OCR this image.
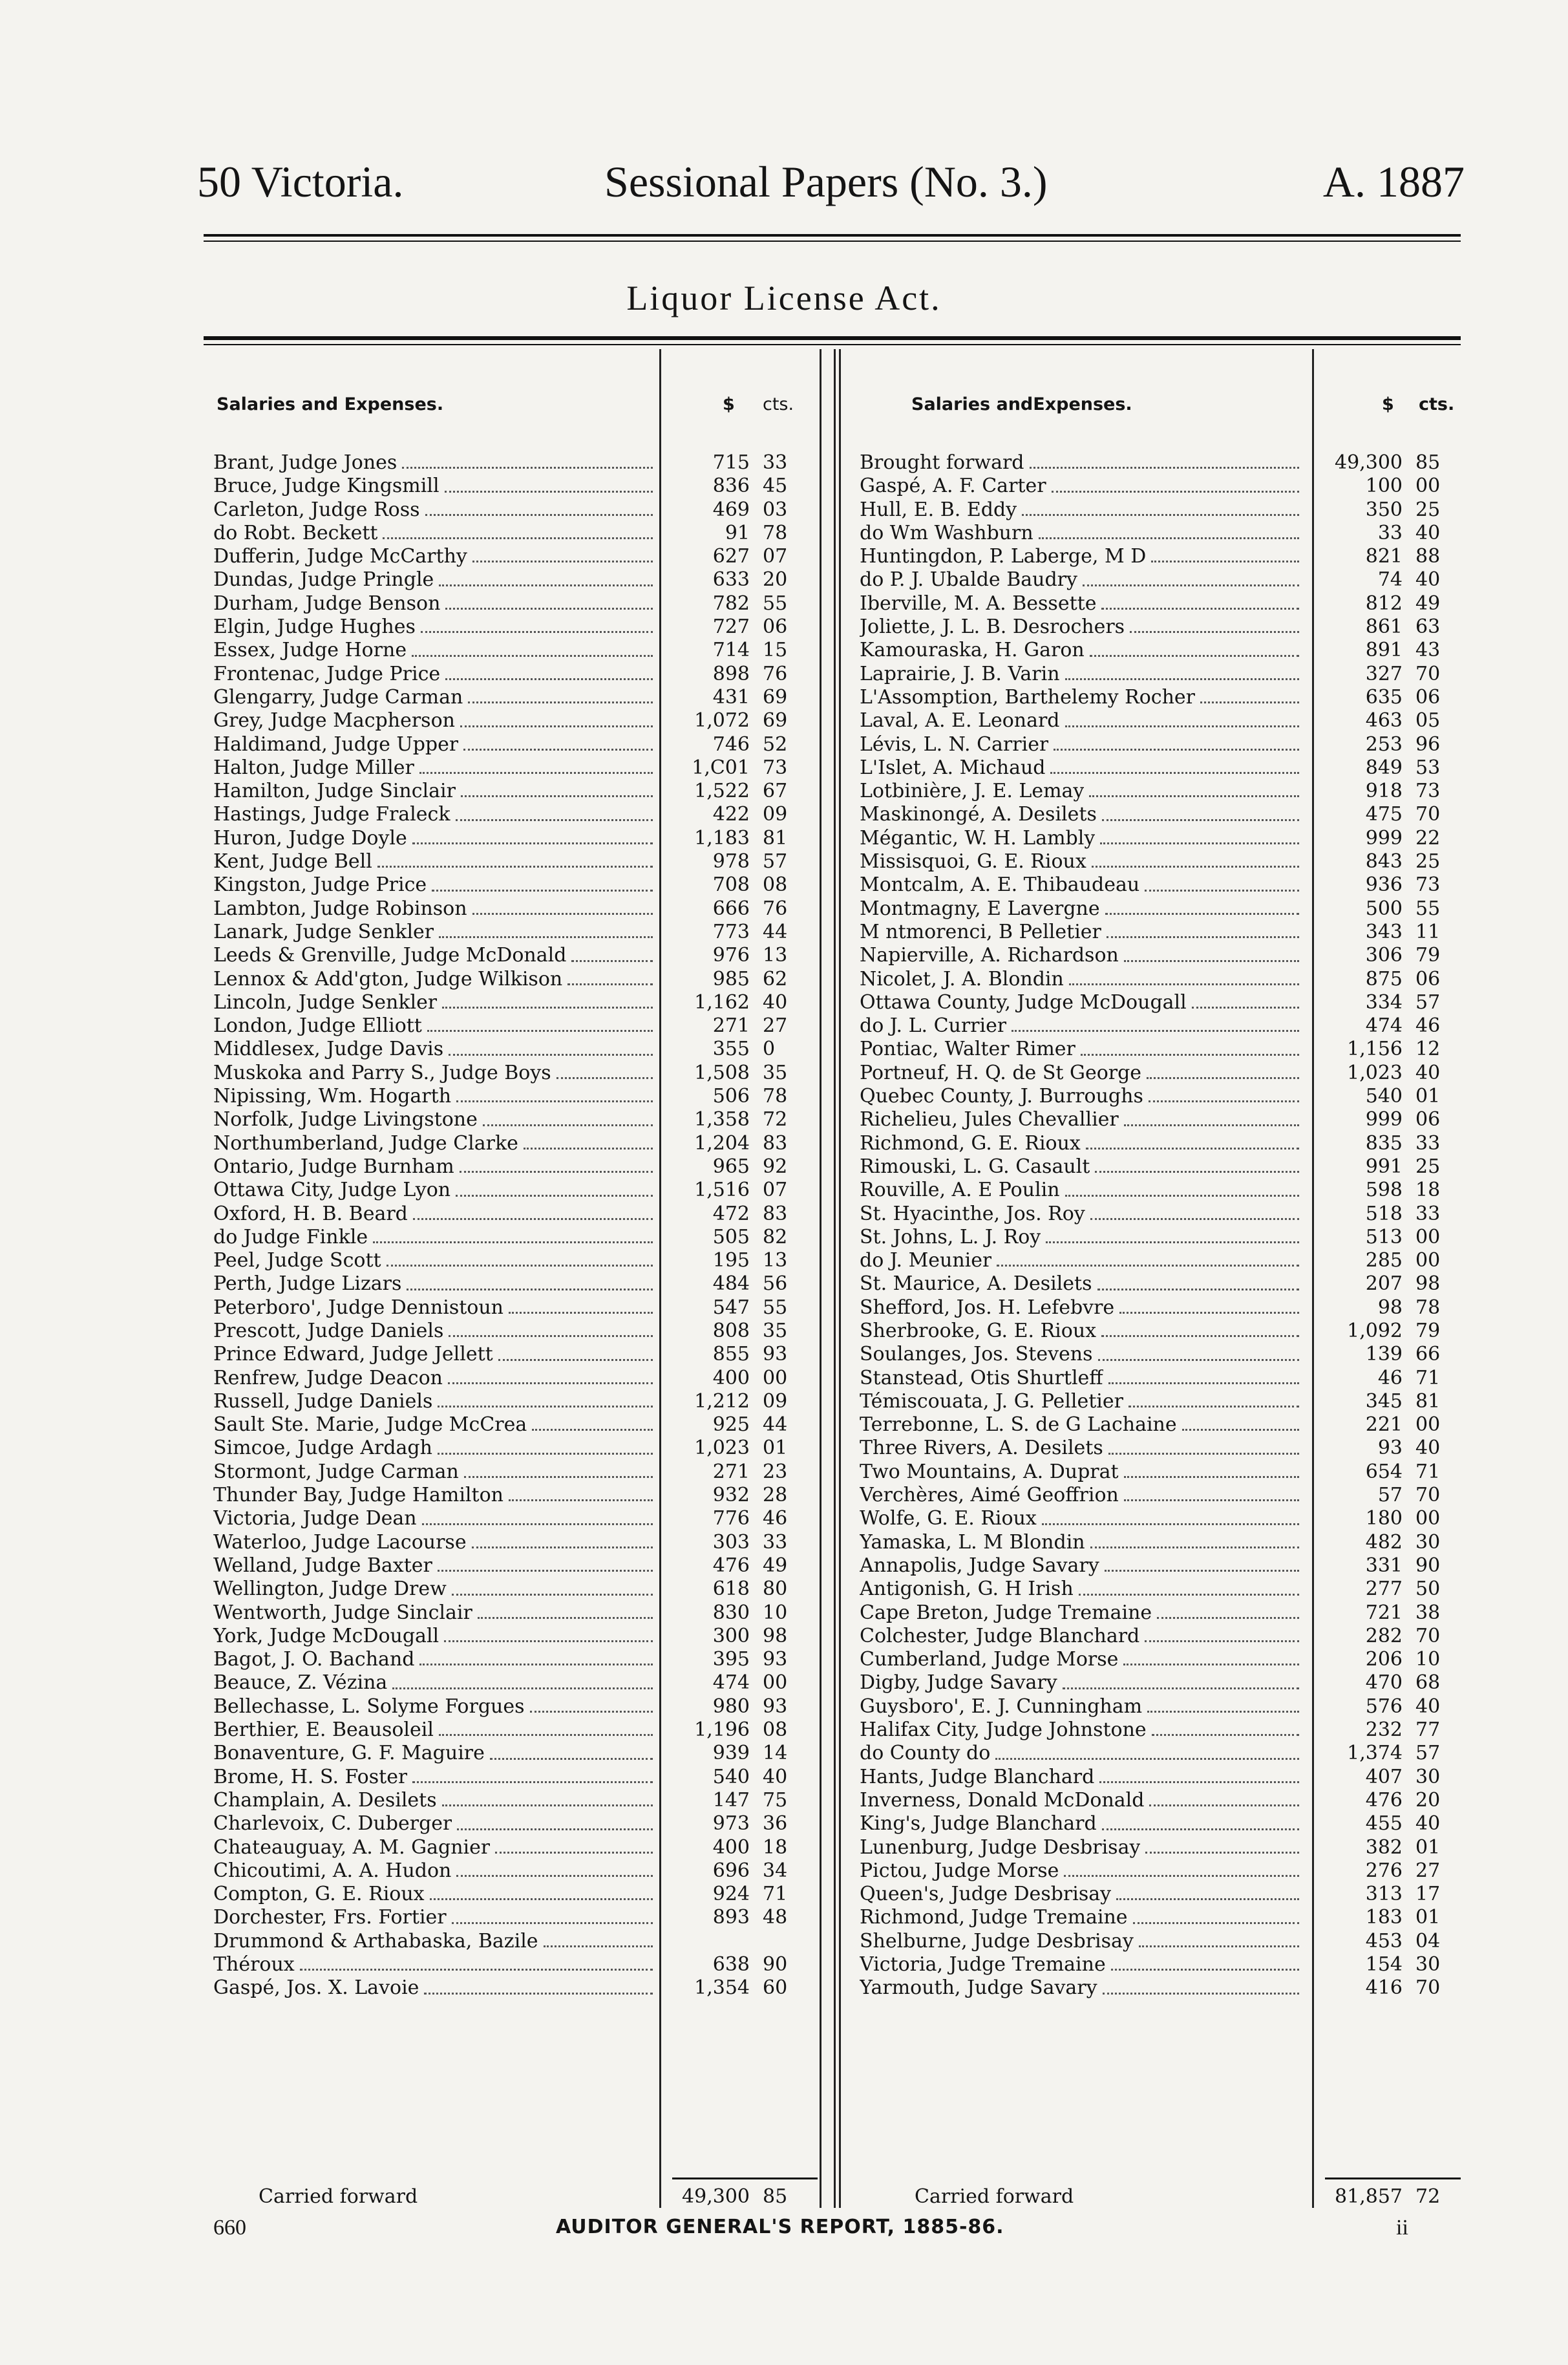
50 Victoria.	Sessional Papers (No. 3.)	A. 1887
Liquor License Act.
Salaries and Expenses.	$ cts.	Salaries andExpenses.	$ cts.
Brant, Judge Jones	715 33
Bruce, Judge Kingsmill	836 45
Carleton, Judge Ross	469 03
do Robt. Beckett	91 78
Dufferin, Judge McCarthy	627 07
Dundas, Judge Pringle	633 20
Durham, Judge Benson	782 55
Elgin, Judge Hughes	727 06
Essex, Judge Horne	714 15
Frontenac, Judge Price	898 76
Glengarry, Judge Carman	431 69
Grey, Judge Macpherson	1,072 69
Haldimand, Judge Upper	746 52
Halton, Judge Miller	1,C01 73
Hamilton, Judge Sinclair	1,522 67
Hastings, Judge Fraleck	422 09
Huron, Judge Doyle	1,183 81
Kent, Judge Bell	978 57
Kingston, Judge Price	708 08
Lambton, Judge Robinson	666 76
Lanark, Judge Senkler	773 44
Leeds & Grenville, Judge McDonald	976 13
Lennox & Add'gton, Judge Wilkison	985 62
Lincoln, Judge Senkler	1,162 40
London, Judge Elliott	271 27
Middlesex, Judge Davis	355 0
Muskoka and Parry S., Judge Boys	1,508 35
Nipissing, Wm. Hogarth	506 78
Norfolk, Judge Livingstone	1,358 72
Northumberland, Judge Clarke	1,204 83
Ontario, Judge Burnham	965 92
Ottawa City, Judge Lyon	1,516 07
Oxford, H. B. Beard	472 83
do Judge Finkle	505 82
Peel, Judge Scott	195 13
Perth, Judge Lizars	484 56
Peterboro', Judge Dennistoun	547 55
Prescott, Judge Daniels	808 35
Prince Edward, Judge Jellett	855 93
Renfrew, Judge Deacon	400 00
Russell, Judge Daniels	1,212 09
Sault Ste. Marie, Judge McCrea	925 44
Simcoe, Judge Ardagh	1,023 01
Stormont, Judge Carman	271 23
Thunder Bay, Judge Hamilton	932 28
Victoria, Judge Dean	776 46
Waterloo, Judge Lacourse	303 33
Welland, Judge Baxter	476 49
Wellington, Judge Drew	618 80
Wentworth, Judge Sinclair	830 10
York, Judge McDougall	300 98
Bagot, J. O. Bachand	395 93
Beauce, Z. Vézina	474 00
Bellechasse, L. Solyme Forgues	980 93
Berthier, E. Beausoleil	1,196 08
Bonaventure, G. F. Maguire	939 14
Brome, H. S. Foster	540 40
Champlain, A. Desilets	147 75
Charlevoix, C. Duberger	973 36
Chateauguay, A. M. Gagnier	400 18
Chicoutimi, A. A. Hudon	696 34
Compton, G. E. Rioux	924 71
Dorchester, Frs. Fortier	893 48
Drummond & Arthabaska, Bazile
Théroux	638 90
Gaspé, Jos. X. Lavoie	1,354 60
Brought forward	49,300 85
Gaspé, A. F. Carter	100 00
Hull, E. B. Eddy	350 25
do Wm Washburn	33 40
Huntingdon, P. Laberge, M D	821 88
do P. J. Ubalde Baudry	74 40
Iberville, M. A. Bessette	812 49
Joliette, J. L. B. Desrochers	861 63
Kamouraska, H. Garon	891 43
Laprairie, J. B. Varin	327 70
L'Assomption, Barthelemy Rocher	635 06
Laval, A. E. Leonard	463 05
Lévis, L. N. Carrier	253 96
L'Islet, A. Michaud	849 53
Lotbinière, J. E. Lemay	918 73
Maskinongé, A. Desilets	475 70
Mégantic, W. H. Lambly	999 22
Missisquoi, G. E. Rioux	843 25
Montcalm, A. E. Thibaudeau	936 73
Montmagny, E Lavergne	500 55
M ntmorenci, B Pelletier	343 11
Napierville, A. Richardson	306 79
Nicolet, J. A. Blondin	875 06
Ottawa County, Judge McDougall	334 57
do J. L. Currier	474 46
Pontiac, Walter Rimer	1,156 12
Portneuf, H. Q. de St George	1,023 40
Quebec County, J. Burroughs	540 01
Richelieu, Jules Chevallier	999 06
Richmond, G. E. Rioux	835 33
Rimouski, L. G. Casault	991 25
Rouville, A. E Poulin	598 18
St. Hyacinthe, Jos. Roy	518 33
St. Johns, L. J. Roy	513 00
do J. Meunier	285 00
St. Maurice, A. Desilets	207 98
Shefford, Jos. H. Lefebvre	98 78
Sherbrooke, G. E. Rioux	1,092 79
Soulanges, Jos. Stevens	139 66
Stanstead, Otis Shurtleff	46 71
Témiscouata, J. G. Pelletier	345 81
Terrebonne, L. S. de G Lachaine	221 00
Three Rivers, A. Desilets	93 40
Two Mountains, A. Duprat	654 71
Verchères, Aimé Geoffrion	57 70
Wolfe, G. E. Rioux	180 00
Yamaska, L. M Blondin	482 30
Annapolis, Judge Savary	331 90
Antigonish, G. H Irish	277 50
Cape Breton, Judge Tremaine	721 38
Colchester, Judge Blanchard	282 70
Cumberland, Judge Morse	206 10
Digby, Judge Savary	470 68
Guysboro', E. J. Cunningham	576 40
Halifax City, Judge Johnstone	232 77
do County do	1,374 57
Hants, Judge Blanchard	407 30
Inverness, Donald McDonald	476 20
King's, Judge Blanchard	455 40
Lunenburg, Judge Desbrisay	382 01
Pictou, Judge Morse	276 27
Queen's, Judge Desbrisay	313 17
Richmond, Judge Tremaine	183 01
Shelburne, Judge Desbrisay	453 04
Victoria, Judge Tremaine	154 30
Yarmouth, Judge Savary	416 70
Carried forward	49,300 85	Carried forward	81,857 72
660	AUDITOR GENERAL'S REPORT, 1885-86.	ii
